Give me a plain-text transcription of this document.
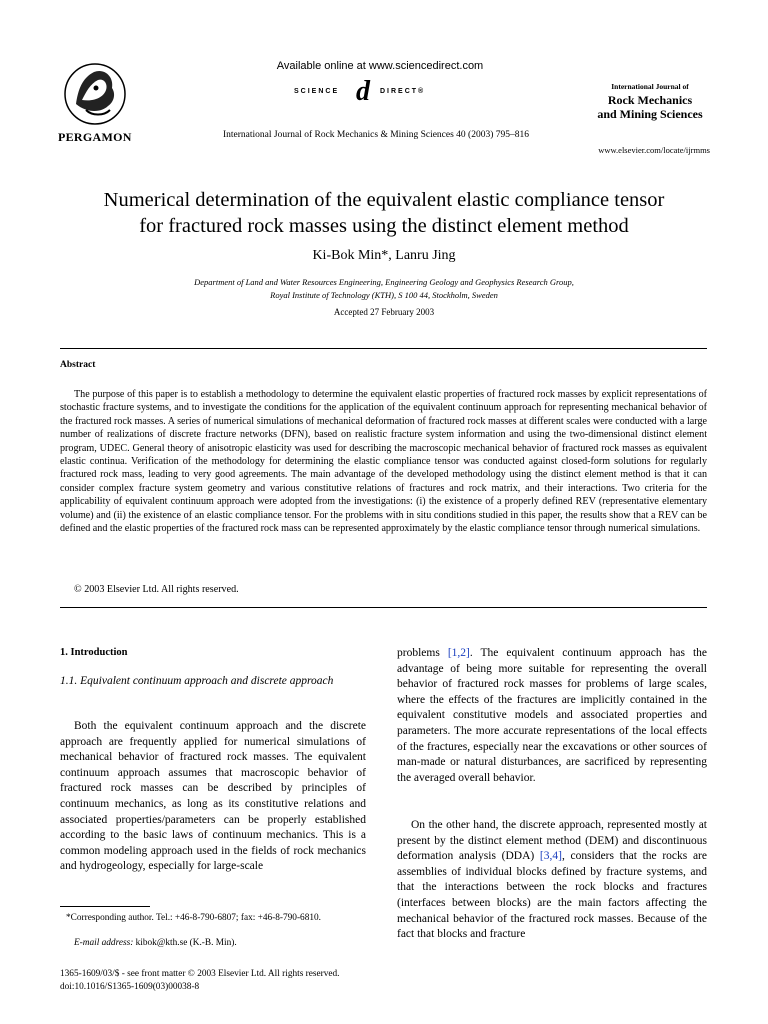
PERGAMON
Available online at www.sciencedirect.com
SCIENCE d DIRECT®
International Journal of Rock Mechanics & Mining Sciences 40 (2003) 795–816
International Journal of
Rock Mechanics
and Mining Sciences
www.elsevier.com/locate/ijrmms
Numerical determination of the equivalent elastic compliance tensor
for fractured rock masses using the distinct element method
Ki-Bok Min*, Lanru Jing
Department of Land and Water Resources Engineering, Engineering Geology and Geophysics Research Group,
Royal Institute of Technology (KTH), S 100 44, Stockholm, Sweden
Accepted 27 February 2003
Abstract

The purpose of this paper is to establish a methodology to determine the equivalent elastic properties of fractured rock masses by explicit representations of stochastic fracture systems, and to investigate the conditions for the application of the equivalent continuum approach for representing mechanical behavior of the fractured rock masses. A series of numerical simulations of mechanical deformation of fractured rock masses at different scales were conducted with a large number of realizations of discrete fracture networks (DFN), based on realistic fracture system information and using the two-dimensional distinct element program, UDEC. General theory of anisotropic elasticity was used for describing the macroscopic mechanical behavior of fractured rock masses as equivalent elastic continua. Verification of the methodology for determining the elastic compliance tensor was conducted against closed-form solutions for regularly fractured rock mass, leading to very good agreements. The main advantage of the developed methodology using the distinct element method is that it can consider complex fracture system geometry and various constitutive relations of fractures and rock matrix, and their interactions. Two criteria for the applicability of equivalent continuum approach were adopted from the investigations: (i) the existence of a properly defined REV (representative elementary volume) and (ii) the existence of an elastic compliance tensor. For the problems with in situ conditions studied in this paper, the results show that a REV can be defined and the elastic properties of the fractured rock mass can be represented approximately by the elastic compliance tensor through numerical simulations.

© 2003 Elsevier Ltd. All rights reserved.
1. Introduction
1.1. Equivalent continuum approach and discrete approach

Both the equivalent continuum approach and the discrete approach are frequently applied for numerical simulations of mechanical behavior of fractured rock masses. The equivalent continuum approach assumes that macroscopic behavior of fractured rock masses can be described by principles of continuum mechanics, as long as its constitutive relations and associated properties/parameters can be properly established according to the basic laws of continuum mechanics. This is a common modeling approach used in the fields of rock mechanics and hydrogeology, especially for large-scale

*Corresponding author. Tel.: +46-8-790-6807; fax: +46-8-790-6810.

E-mail address: kibok@kth.se (K.-B. Min).

problems [1,2]. The equivalent continuum approach has the advantage of being more suitable for representing the overall behavior of fractured rock masses for problems of large scales, where the effects of the fractures are implicitly contained in the equivalent constitutive models and associated properties and parameters. The more accurate representations of the local effects of the fractures, especially near the excavations or other sources of man-made or natural disturbances, are sacrificed by representing the averaged overall behavior.

On the other hand, the discrete approach, represented mostly at present by the distinct element method (DEM) and discontinuous deformation analysis (DDA) [3,4], considers that the rocks are assemblies of individual blocks defined by fracture systems, and that the interactions between the rock blocks and fractures (interfaces between blocks) are the main factors affecting the mechanical behavior of the fractured rock masses. Because of the fact that blocks and fracture

1365-1609/03/$ - see front matter © 2003 Elsevier Ltd. All rights reserved.
doi:10.1016/S1365-1609(03)00038-8
